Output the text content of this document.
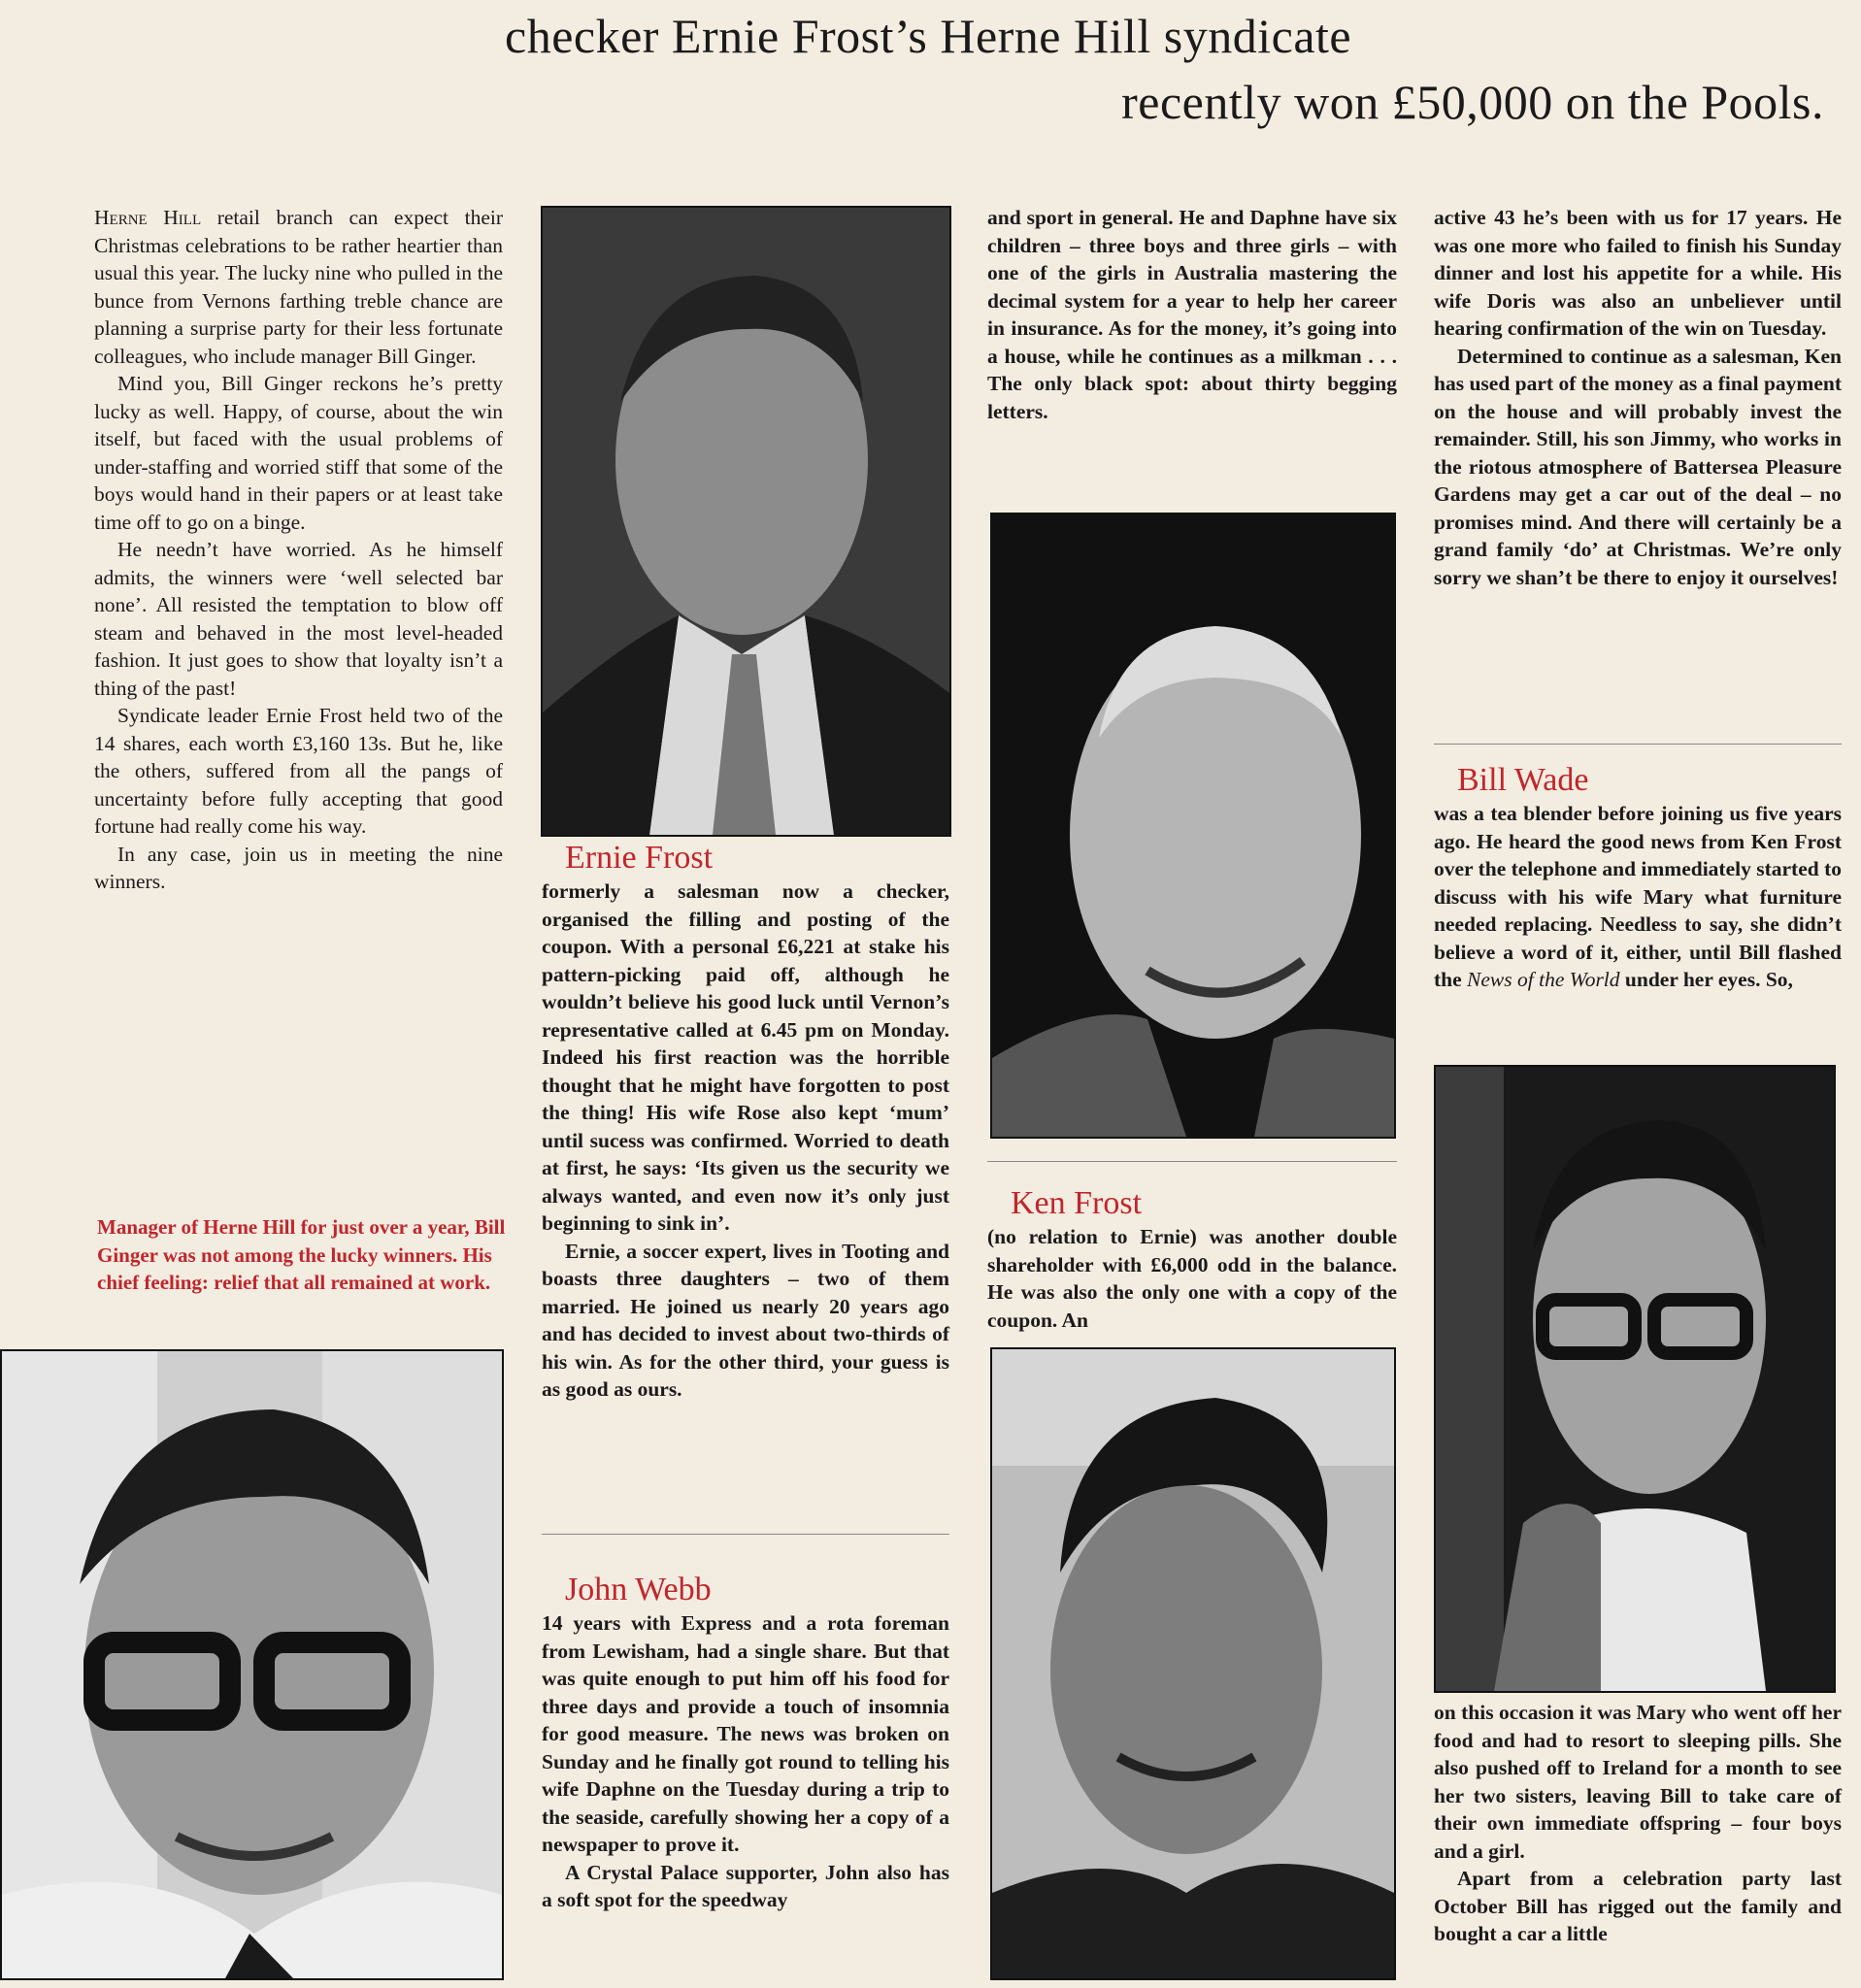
checker Ernie Frost’s Herne Hill syndicate
recently won £50,000 on the Pools.

Herne Hill retail branch can expect their Christmas celebrations to be rather heartier than usual this year. The lucky nine who pulled in the bunce from Vernons farthing treble chance are planning a surprise party for their less fortunate colleagues, who include manager Bill Ginger.

Mind you, Bill Ginger reckons he’s pretty lucky as well. Happy, of course, about the win itself, but faced with the usual problems of under-staffing and worried stiff that some of the boys would hand in their papers or at least take time off to go on a binge.

He needn’t have worried. As he himself admits, the winners were ‘well selected bar none’. All resisted the temptation to blow off steam and behaved in the most level-headed fashion. It just goes to show that loyalty isn’t a thing of the past!

Syndicate leader Ernie Frost held two of the 14 shares, each worth £3,160 13s. But he, like the others, suffered from all the pangs of uncertainty before fully accepting that good fortune had really come his way.

In any case, join us in meeting the nine winners.

Manager of Herne Hill for just over a year, Bill Ginger was not among the lucky winners. His chief feeling: relief that all remained at work.

Ernie Frost

formerly a salesman now a checker, organised the filling and posting of the coupon. With a personal £6,221 at stake his pattern-picking paid off, although he wouldn’t believe his good luck until Vernon’s representative called at 6.45 pm on Monday. Indeed his first reaction was the horrible thought that he might have forgotten to post the thing! His wife Rose also kept ‘mum’ until sucess was confirmed. Worried to death at first, he says: ‘Its given us the security we always wanted, and even now it’s only just beginning to sink in’.

Ernie, a soccer expert, lives in Tooting and boasts three daughters – two of them married. He joined us nearly 20 years ago and has decided to invest about two-thirds of his win. As for the other third, your guess is as good as ours.

John Webb

14 years with Express and a rota foreman from Lewisham, had a single share. But that was quite enough to put him off his food for three days and provide a touch of insomnia for good measure. The news was broken on Sunday and he finally got round to telling his wife Daphne on the Tuesday during a trip to the seaside, carefully showing her a copy of a newspaper to prove it.

A Crystal Palace supporter, John also has a soft spot for the speedway

and sport in general. He and Daphne have six children – three boys and three girls – with one of the girls in Australia mastering the decimal system for a year to help her career in insurance. As for the money, it’s going into a house, while he continues as a milkman . . . The only black spot: about thirty begging letters.

Ken Frost

(no relation to Ernie) was another double shareholder with £6,000 odd in the balance. He was also the only one with a copy of the coupon. An

active 43 he’s been with us for 17 years. He was one more who failed to finish his Sunday dinner and lost his appetite for a while. His wife Doris was also an unbeliever until hearing confirmation of the win on Tuesday.

Determined to continue as a salesman, Ken has used part of the money as a final payment on the house and will probably invest the remainder. Still, his son Jimmy, who works in the riotous atmosphere of Battersea Pleasure Gardens may get a car out of the deal – no promises mind. And there will certainly be a grand family ‘do’ at Christmas. We’re only sorry we shan’t be there to enjoy it ourselves!

Bill Wade

was a tea blender before joining us five years ago. He heard the good news from Ken Frost over the telephone and immediately started to discuss with his wife Mary what furniture needed replacing. Needless to say, she didn’t believe a word of it, either, until Bill flashed the News of the World under her eyes. So,

on this occasion it was Mary who went off her food and had to resort to sleeping pills. She also pushed off to Ireland for a month to see her two sisters, leaving Bill to take care of their own immediate offspring – four boys and a girl.

Apart from a celebration party last October Bill has rigged out the family and bought a car a little
